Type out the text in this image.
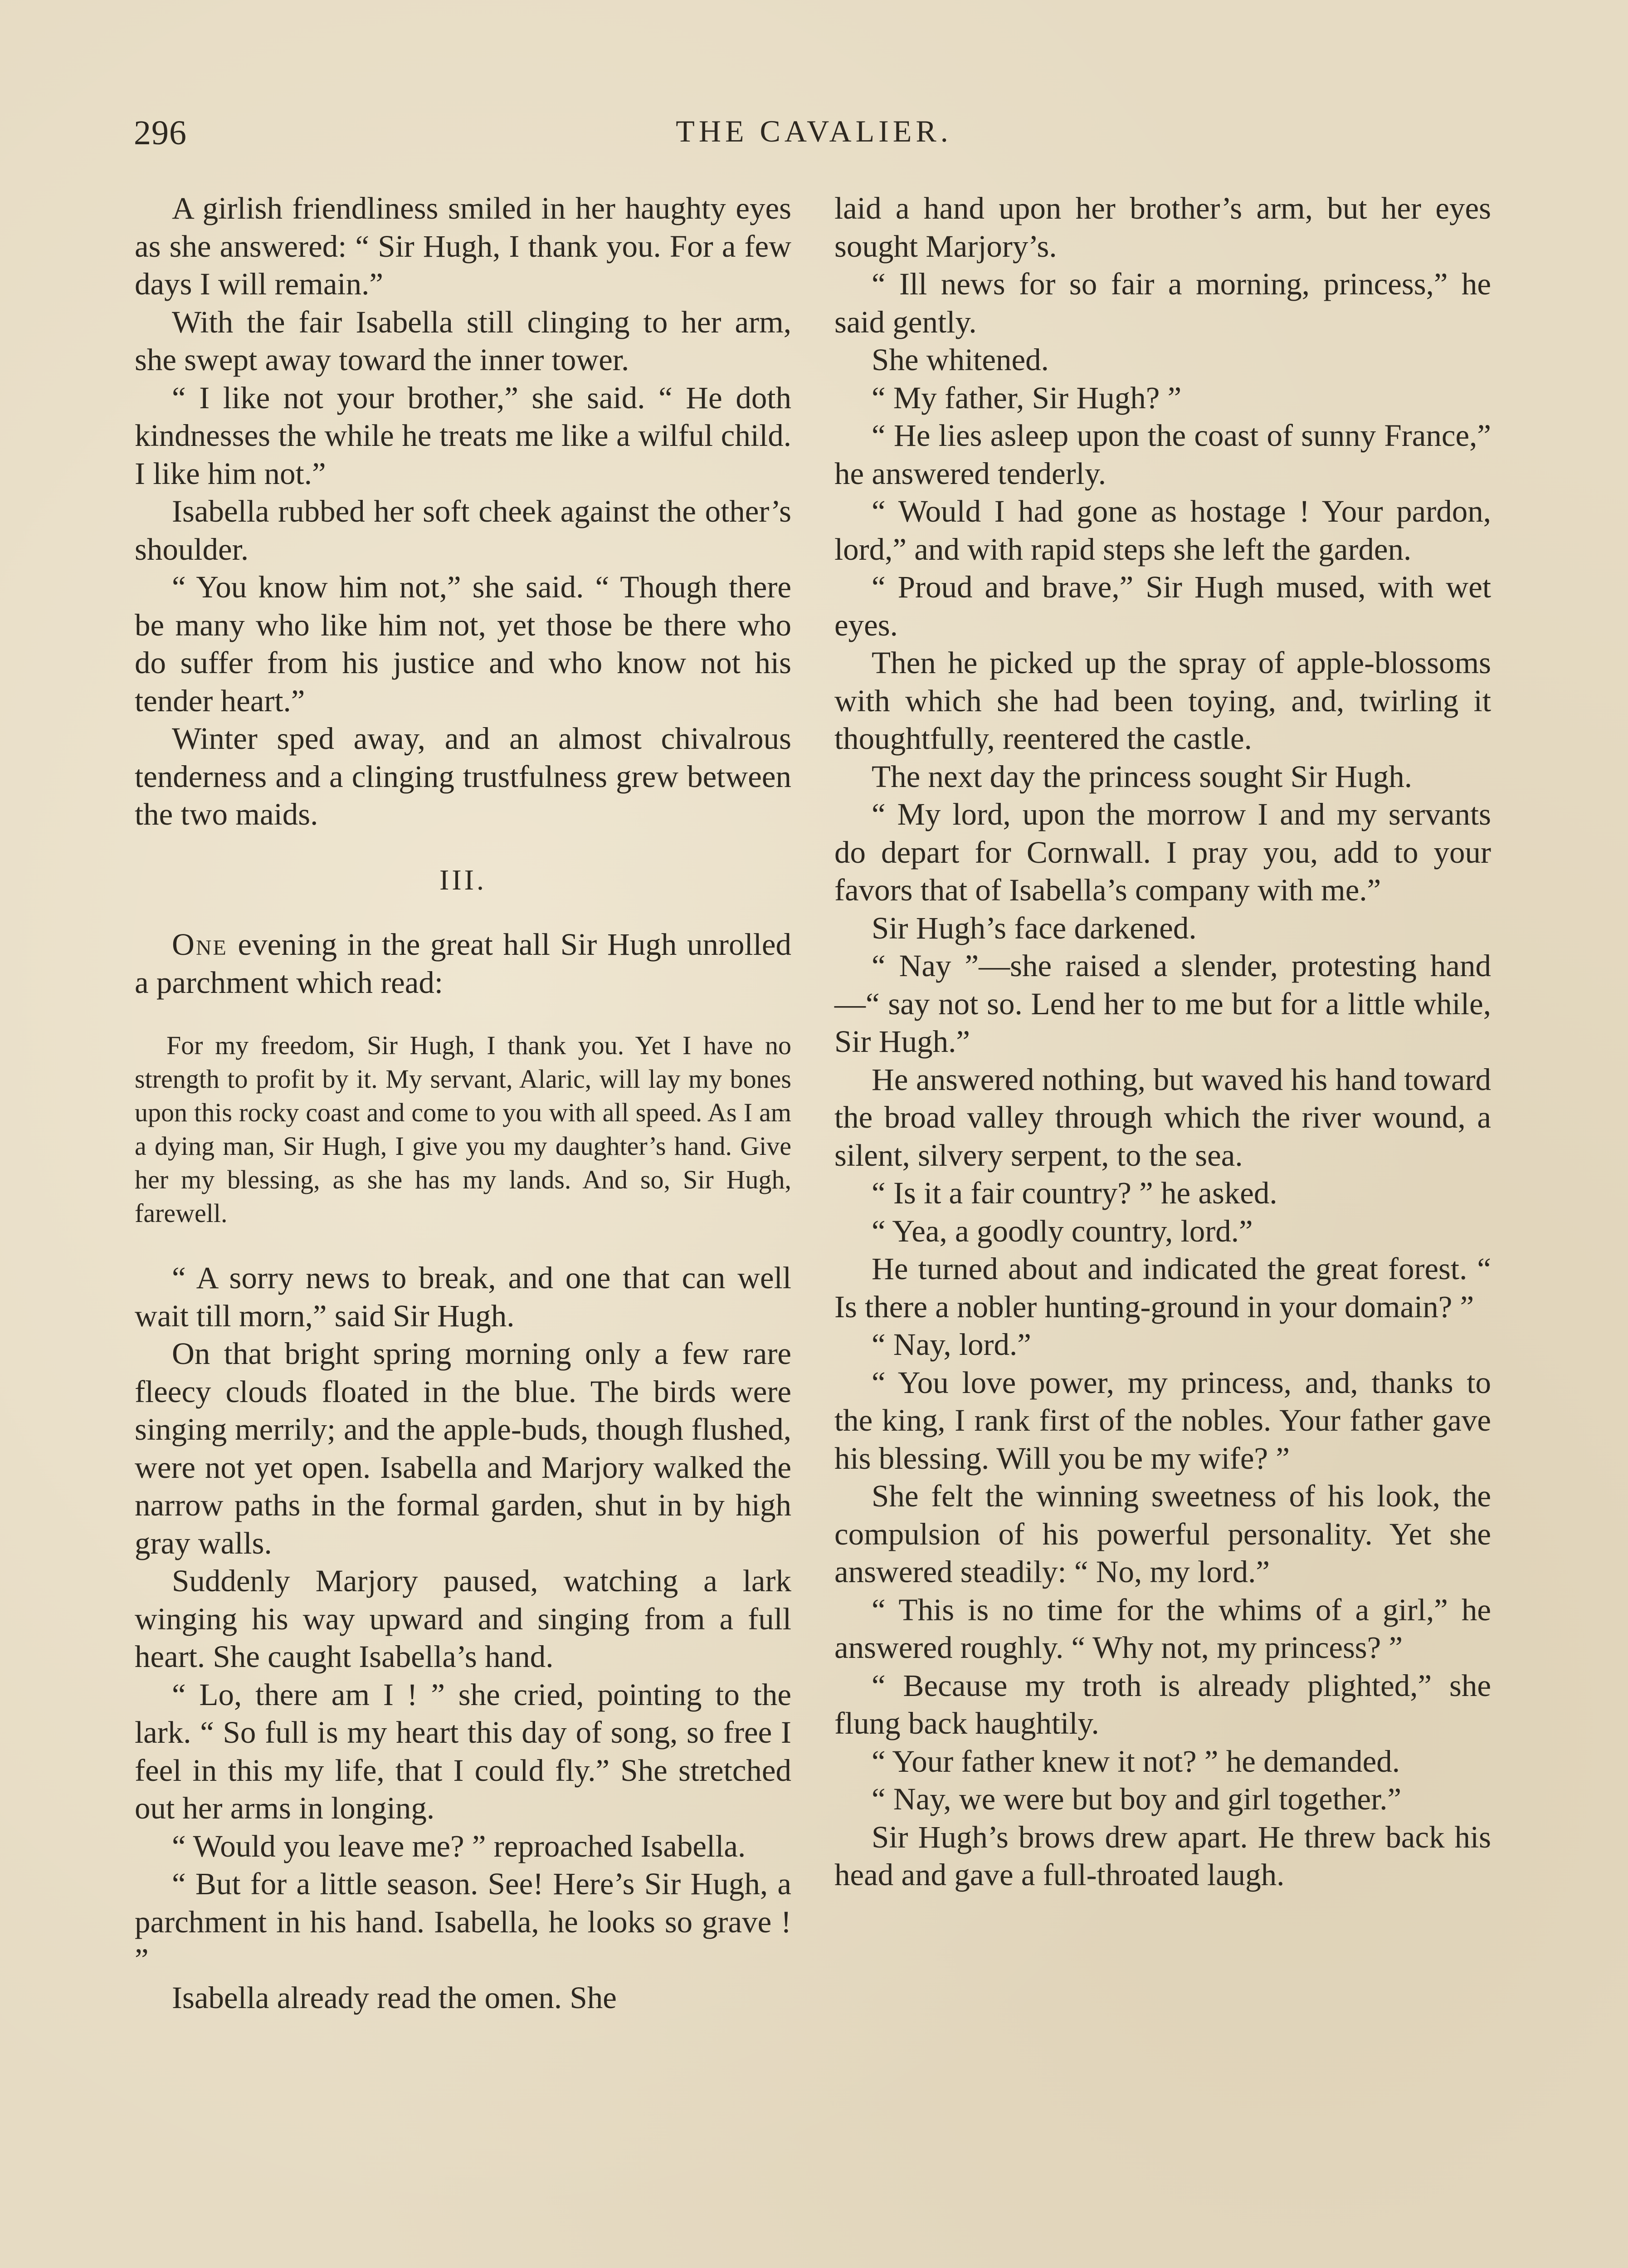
296	THE CAVALIER.

A girlish friendliness smiled in her haughty eyes as she answered: “ Sir Hugh, I thank you. For a few days I will remain.”

With the fair Isabella still clinging to her arm, she swept away toward the inner tower.

“ I like not your brother,” she said. “ He doth kindnesses the while he treats me like a wilful child. I like him not.”

Isabella rubbed her soft cheek against the other’s shoulder.

“ You know him not,” she said. “ Though there be many who like him not, yet those be there who do suffer from his justice and who know not his tender heart.”

Winter sped away, and an almost chivalrous tenderness and a clinging trustfulness grew between the two maids.

III.

One evening in the great hall Sir Hugh unrolled a parchment which read:

For my freedom, Sir Hugh, I thank you. Yet I have no strength to profit by it. My servant, Alaric, will lay my bones upon this rocky coast and come to you with all speed. As I am a dying man, Sir Hugh, I give you my daughter’s hand. Give her my blessing, as she has my lands. And so, Sir Hugh, farewell.

“ A sorry news to break, and one that can well wait till morn,” said Sir Hugh.

On that bright spring morning only a few rare fleecy clouds floated in the blue. The birds were singing merrily; and the apple-buds, though flushed, were not yet open. Isabella and Marjory walked the narrow paths in the formal garden, shut in by high gray walls.

Suddenly Marjory paused, watching a lark winging his way upward and singing from a full heart. She caught Isabella’s hand.

“ Lo, there am I ! ” she cried, pointing to the lark. “ So full is my heart this day of song, so free I feel in this my life, that I could fly.” She stretched out her arms in longing.

“ Would you leave me? ” reproached Isabella.

“ But for a little season. See! Here’s Sir Hugh, a parchment in his hand. Isabella, he looks so grave ! ”

Isabella already read the omen. She

laid a hand upon her brother’s arm, but her eyes sought Marjory’s.

“ Ill news for so fair a morning, princess,” he said gently.

She whitened.

“ My father, Sir Hugh? ”

“ He lies asleep upon the coast of sunny France,” he answered tenderly.

“ Would I had gone as hostage ! Your pardon, lord,” and with rapid steps she left the garden.

“ Proud and brave,” Sir Hugh mused, with wet eyes.

Then he picked up the spray of apple-blossoms with which she had been toying, and, twirling it thoughtfully, reentered the castle.

The next day the princess sought Sir Hugh.

“ My lord, upon the morrow I and my servants do depart for Cornwall. I pray you, add to your favors that of Isabella’s company with me.”

Sir Hugh’s face darkened.

“ Nay ”—she raised a slender, protesting hand—“ say not so. Lend her to me but for a little while, Sir Hugh.”

He answered nothing, but waved his hand toward the broad valley through which the river wound, a silent, silvery serpent, to the sea.

“ Is it a fair country? ” he asked.

“ Yea, a goodly country, lord.”

He turned about and indicated the great forest. “ Is there a nobler hunting-ground in your domain? ”

“ Nay, lord.”

“ You love power, my princess, and, thanks to the king, I rank first of the nobles. Your father gave his blessing. Will you be my wife? ”

She felt the winning sweetness of his look, the compulsion of his powerful personality. Yet she answered steadily: “ No, my lord.”

“ This is no time for the whims of a girl,” he answered roughly. “ Why not, my princess? ”

“ Because my troth is already plighted,” she flung back haughtily.

“ Your father knew it not? ” he demanded.

“ Nay, we were but boy and girl together.”

Sir Hugh’s brows drew apart. He threw back his head and gave a full-throated laugh.
